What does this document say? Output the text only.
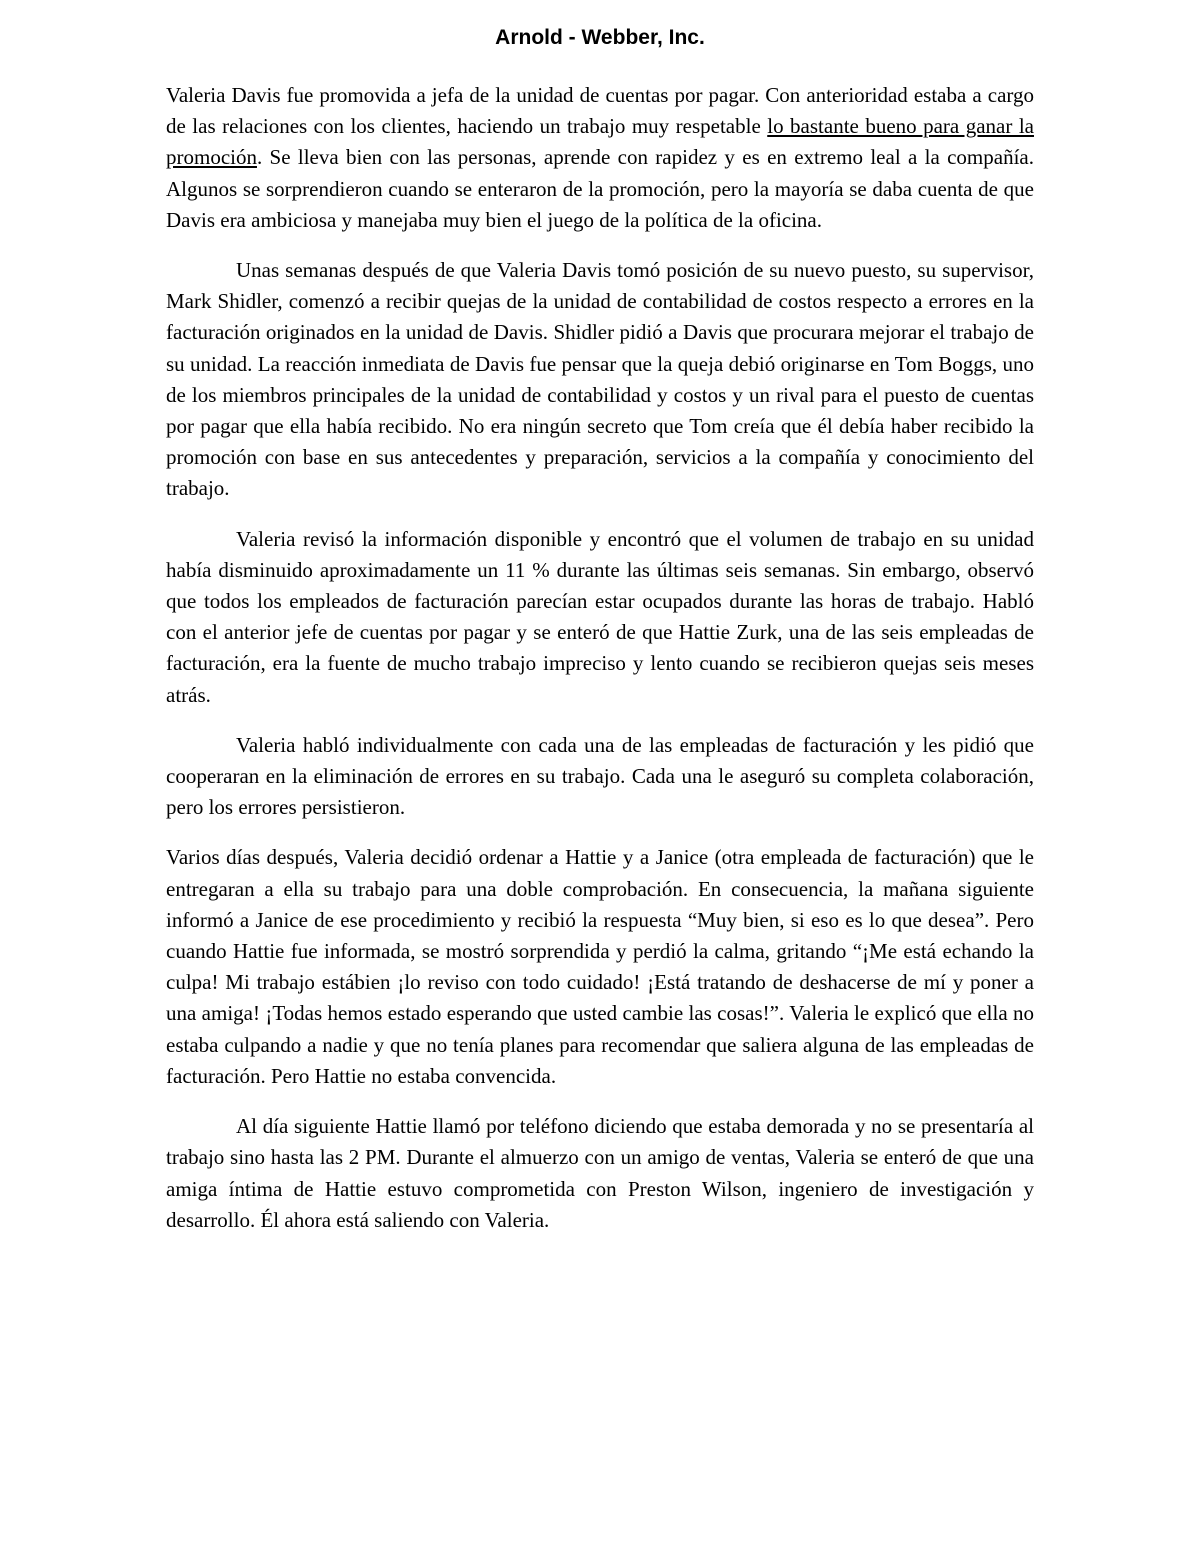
Arnold - Webber, Inc.

Valeria Davis fue promovida a jefa de la unidad de cuentas por pagar. Con anterioridad estaba a cargo de las relaciones con los clientes, haciendo un trabajo muy respetable lo bastante bueno para ganar la promoción. Se lleva bien con las personas, aprende con rapidez y es en extremo leal a la compañía. Algunos se sorprendieron cuando se enteraron de la promoción, pero la mayoría se daba cuenta de que Davis era ambiciosa y manejaba muy bien el juego de la política de la oficina.

Unas semanas después de que Valeria Davis tomó posición de su nuevo puesto, su supervisor, Mark Shidler, comenzó a recibir quejas de la unidad de contabilidad de costos respecto a errores en la facturación originados en la unidad de Davis. Shidler pidió a Davis que procurara mejorar el trabajo de su unidad. La reacción inmediata de Davis fue pensar que la queja debió originarse en Tom Boggs, uno de los miembros principales de la unidad de contabilidad y costos y un rival para el puesto de cuentas por pagar que ella había recibido. No era ningún secreto que Tom creía que él debía haber recibido la promoción con base en sus antecedentes y preparación, servicios a la compañía y conocimiento del trabajo.

Valeria revisó la información disponible y encontró que el volumen de trabajo en su unidad había disminuido aproximadamente un 11 % durante las últimas seis semanas. Sin embargo, observó que todos los empleados de facturación parecían estar ocupados durante las horas de trabajo. Habló con el anterior jefe de cuentas por pagar y se enteró de que Hattie Zurk, una de las seis empleadas de facturación, era la fuente de mucho trabajo impreciso y lento cuando se recibieron quejas seis meses atrás.

Valeria habló individualmente con cada una de las empleadas de facturación y les pidió que cooperaran en la eliminación de errores en su trabajo. Cada una le aseguró su completa colaboración, pero los errores persistieron.

Varios días después, Valeria decidió ordenar a Hattie y a Janice (otra empleada de facturación) que le entregaran a ella su trabajo para una doble comprobación. En consecuencia, la mañana siguiente informó a Janice de ese procedimiento y recibió la respuesta “Muy bien, si eso es lo que desea”. Pero cuando Hattie fue informada, se mostró sorprendida y perdió la calma, gritando “¡Me está echando la culpa! Mi trabajo estábien ¡lo reviso con todo cuidado! ¡Está tratando de deshacerse de mí y poner a una amiga! ¡Todas hemos estado esperando que usted cambie las cosas!”. Valeria le explicó que ella no estaba culpando a nadie y que no tenía planes para recomendar que saliera alguna de las empleadas de facturación. Pero Hattie no estaba convencida.

Al día siguiente Hattie llamó por teléfono diciendo que estaba demorada y no se presentaría al trabajo sino hasta las 2 PM. Durante el almuerzo con un amigo de ventas, Valeria se enteró de que una amiga íntima de Hattie estuvo comprometida con Preston Wilson, ingeniero de investigación y desarrollo. Él ahora está saliendo con Valeria.
